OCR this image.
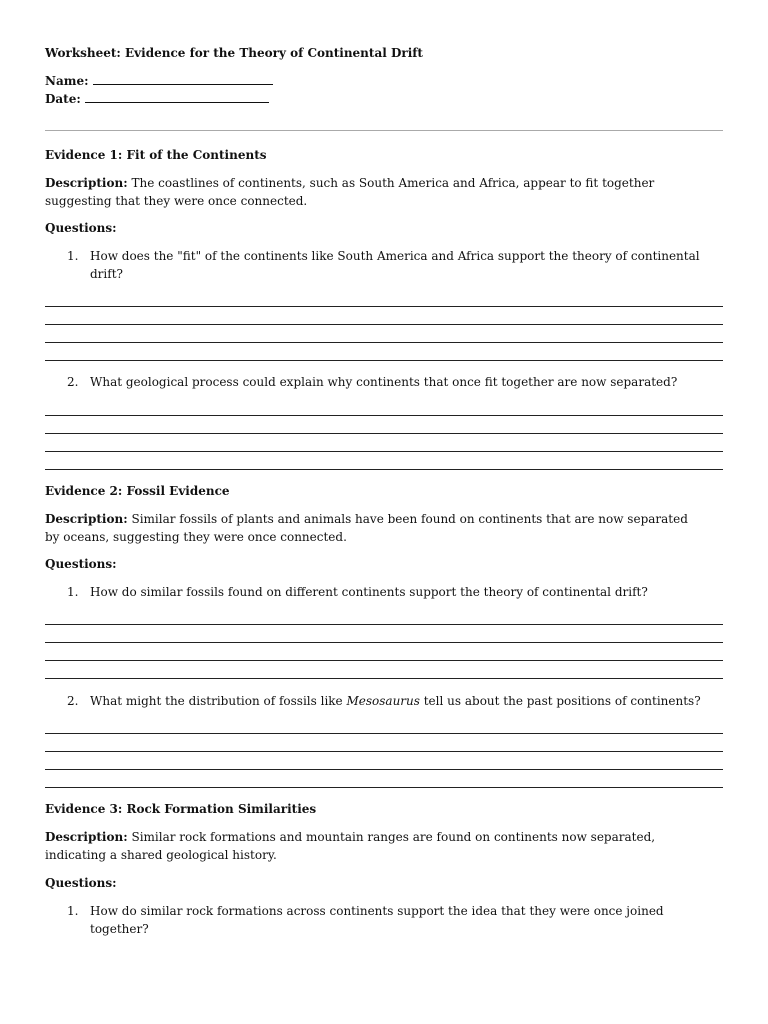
Worksheet: Evidence for the Theory of Continental Drift
Name:
Date:
Evidence 1: Fit of the Continents
Description: The coastlines of continents, such as South America and Africa, appear to fit together suggesting that they were once connected.
Questions:
1. How does the "fit" of the continents like South America and Africa support the theory of continental drift?
2. What geological process could explain why continents that once fit together are now separated?
Evidence 2: Fossil Evidence
Description: Similar fossils of plants and animals have been found on continents that are now separated by oceans, suggesting they were once connected.
Questions:
1. How do similar fossils found on different continents support the theory of continental drift?
2. What might the distribution of fossils like Mesosaurus tell us about the past positions of continents?
Evidence 3: Rock Formation Similarities
Description: Similar rock formations and mountain ranges are found on continents now separated, indicating a shared geological history.
Questions:
1. How do similar rock formations across continents support the idea that they were once joined together?
